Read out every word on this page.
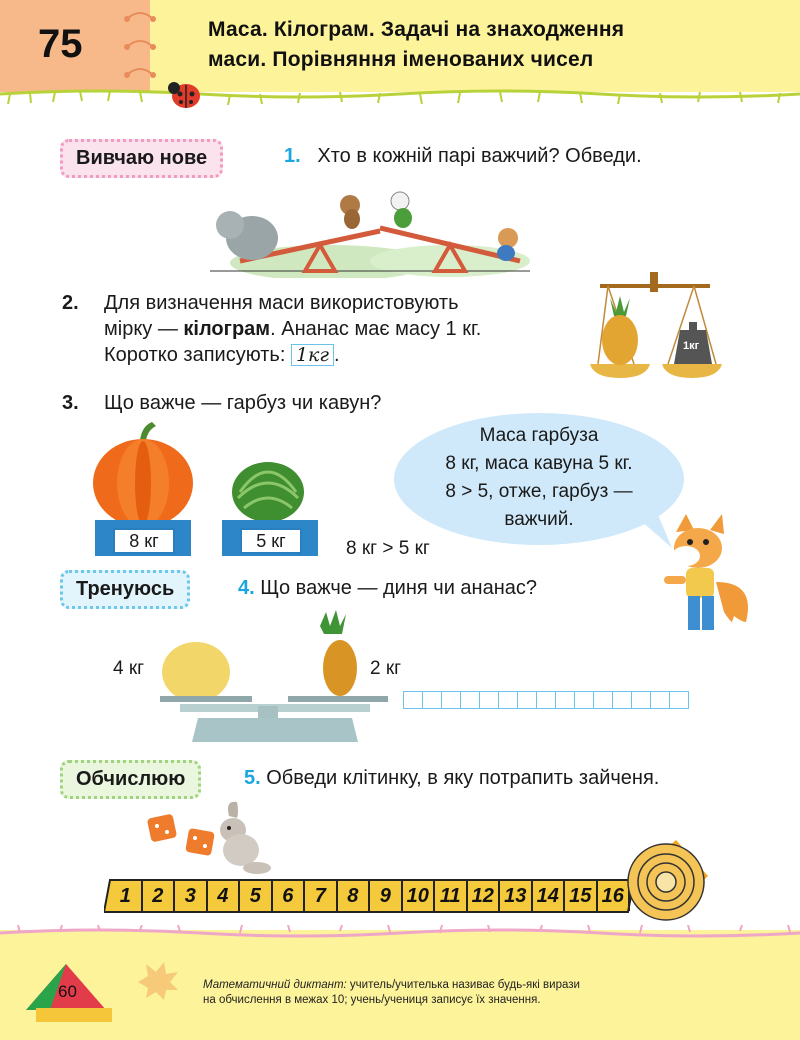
75	Маса. Кілограм. Задачі на знаходження
маси. Порівняння іменованих чисел
Вивчаю нове	1. Хто в кожній парі важчий? Обведи.
2. Для визначення маси використовують
мірку — кілограм. Ананас має масу 1 кг.
Коротко записують: 1кг .	1кг
3. Що важче — гарбуз чи кавун?
8 кг	5 кг	8 кг > 5 кг
Маса гарбуза
8 кг, маса кавуна 5 кг.
8 > 5, отже, гарбуз —
важчий.
Тренуюсь	4. Що важче — диня чи ананас?
4 кг	2 кг
Обчислюю	5. Обведи клітинку, в яку потрапить зайченя.
1	2	3	4	5	6	7	8	9 10 11 12 13 14 15 16
60	Математичний диктант: учитель/учителька називає будь-які вирази
на обчислення в межах 10; учень/учениця записує їх значення.
